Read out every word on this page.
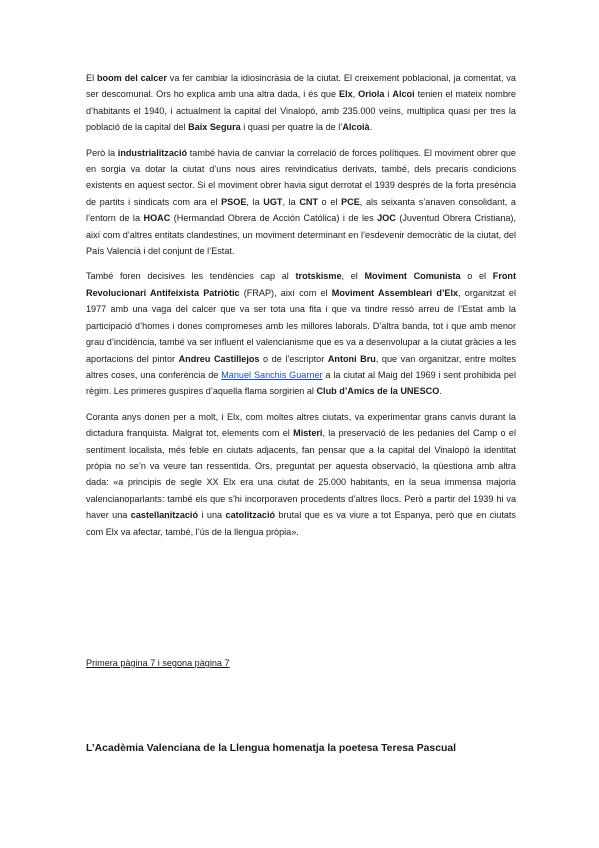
El boom del calcer va fer cambiar la idiosincràsia de la ciutat. El creixement poblacional, ja comentat, va ser descomunal. Ors ho explica amb una altra dada, i és que Elx, Oriola i Alcoi tenien el mateix nombre d’habitants el 1940, i actualment la capital del Vinalopó, amb 235.000 veïns, multiplica quasi per tres la població de la capital del Baix Segura i quasi per quatre la de l’Alcoià.

Però la industrialització també havia de canviar la correlació de forces polítiques. El moviment obrer que en sorgia va dotar la ciutat d’uns nous aires reivindicatius derivats, també, dels precaris condicions existents en aquest sector. Si el moviment obrer havia sigut derrotat el 1939 després de la forta presència de partits i sindicats com ara el PSOE, la UGT, la CNT o el PCE, als seixanta s’anaven consolidant, a l’entorn de la HOAC (Hermandad Obrera de Acción Católica) i de les JOC (Juventud Obrera Cristiana), així com d’altres entitats clandestines, un moviment determinant en l’esdevenir democràtic de la ciutat, del País Valencià i del conjunt de l’Estat.

També foren decisives les tendències cap al trotskisme, el Moviment Comunista o el Front Revolucionari Antifeixista Patriòtic (FRAP), així com el Moviment Assembleari d’Elx, organitzat el 1977 amb una vaga del calcer que va ser tota una fita i que va tindre ressò arreu de l’Estat amb la participació d’homes i dones compromeses amb les millores laborals. D’altra banda, tot i que amb menor grau d’incidència, també va ser influent el valencianisme que es va a desenvolupar a la ciutat gràcies a les aportacions del pintor Andreu Castillejos o de l’escriptor Antoni Bru, que van organitzar, entre moltes altres coses, una conferència de Manuel Sanchis Guarner a la ciutat al Maig del 1969 i sent prohibida pel règim. Les primeres guspires d’aquella flama sorgirien al Club d’Amics de la UNESCO.

Coranta anys donen per a molt, i Elx, com moltes altres ciutats, va experimentar grans canvis durant la dictadura franquista. Malgrat tot, elements com el Misteri, la preservació de les pedanies del Camp o el sentiment localista, més feble en ciutats adjacents, fan pensar que a la capital del Vinalopó la identitat pròpia no se’n va veure tan ressentida. Ors, preguntat per aquesta observació, la qüestiona amb altra dada: «a principis de segle XX Elx era una ciutat de 25.000 habitants, en la seua immensa majoria valencianoparlants: també els que s’hi incorporaven procedents d’altres llocs. Però a partir del 1939 hi va haver una castellanització i una catolització brutal que es va viure a tot Espanya, però que en ciutats com Elx va afectar, també, l’ús de la llengua pròpia».

Primera pàgina 7 i segona pàgina 7
L’Acadèmia Valenciana de la Llengua homenatja la poetesa Teresa Pascual
